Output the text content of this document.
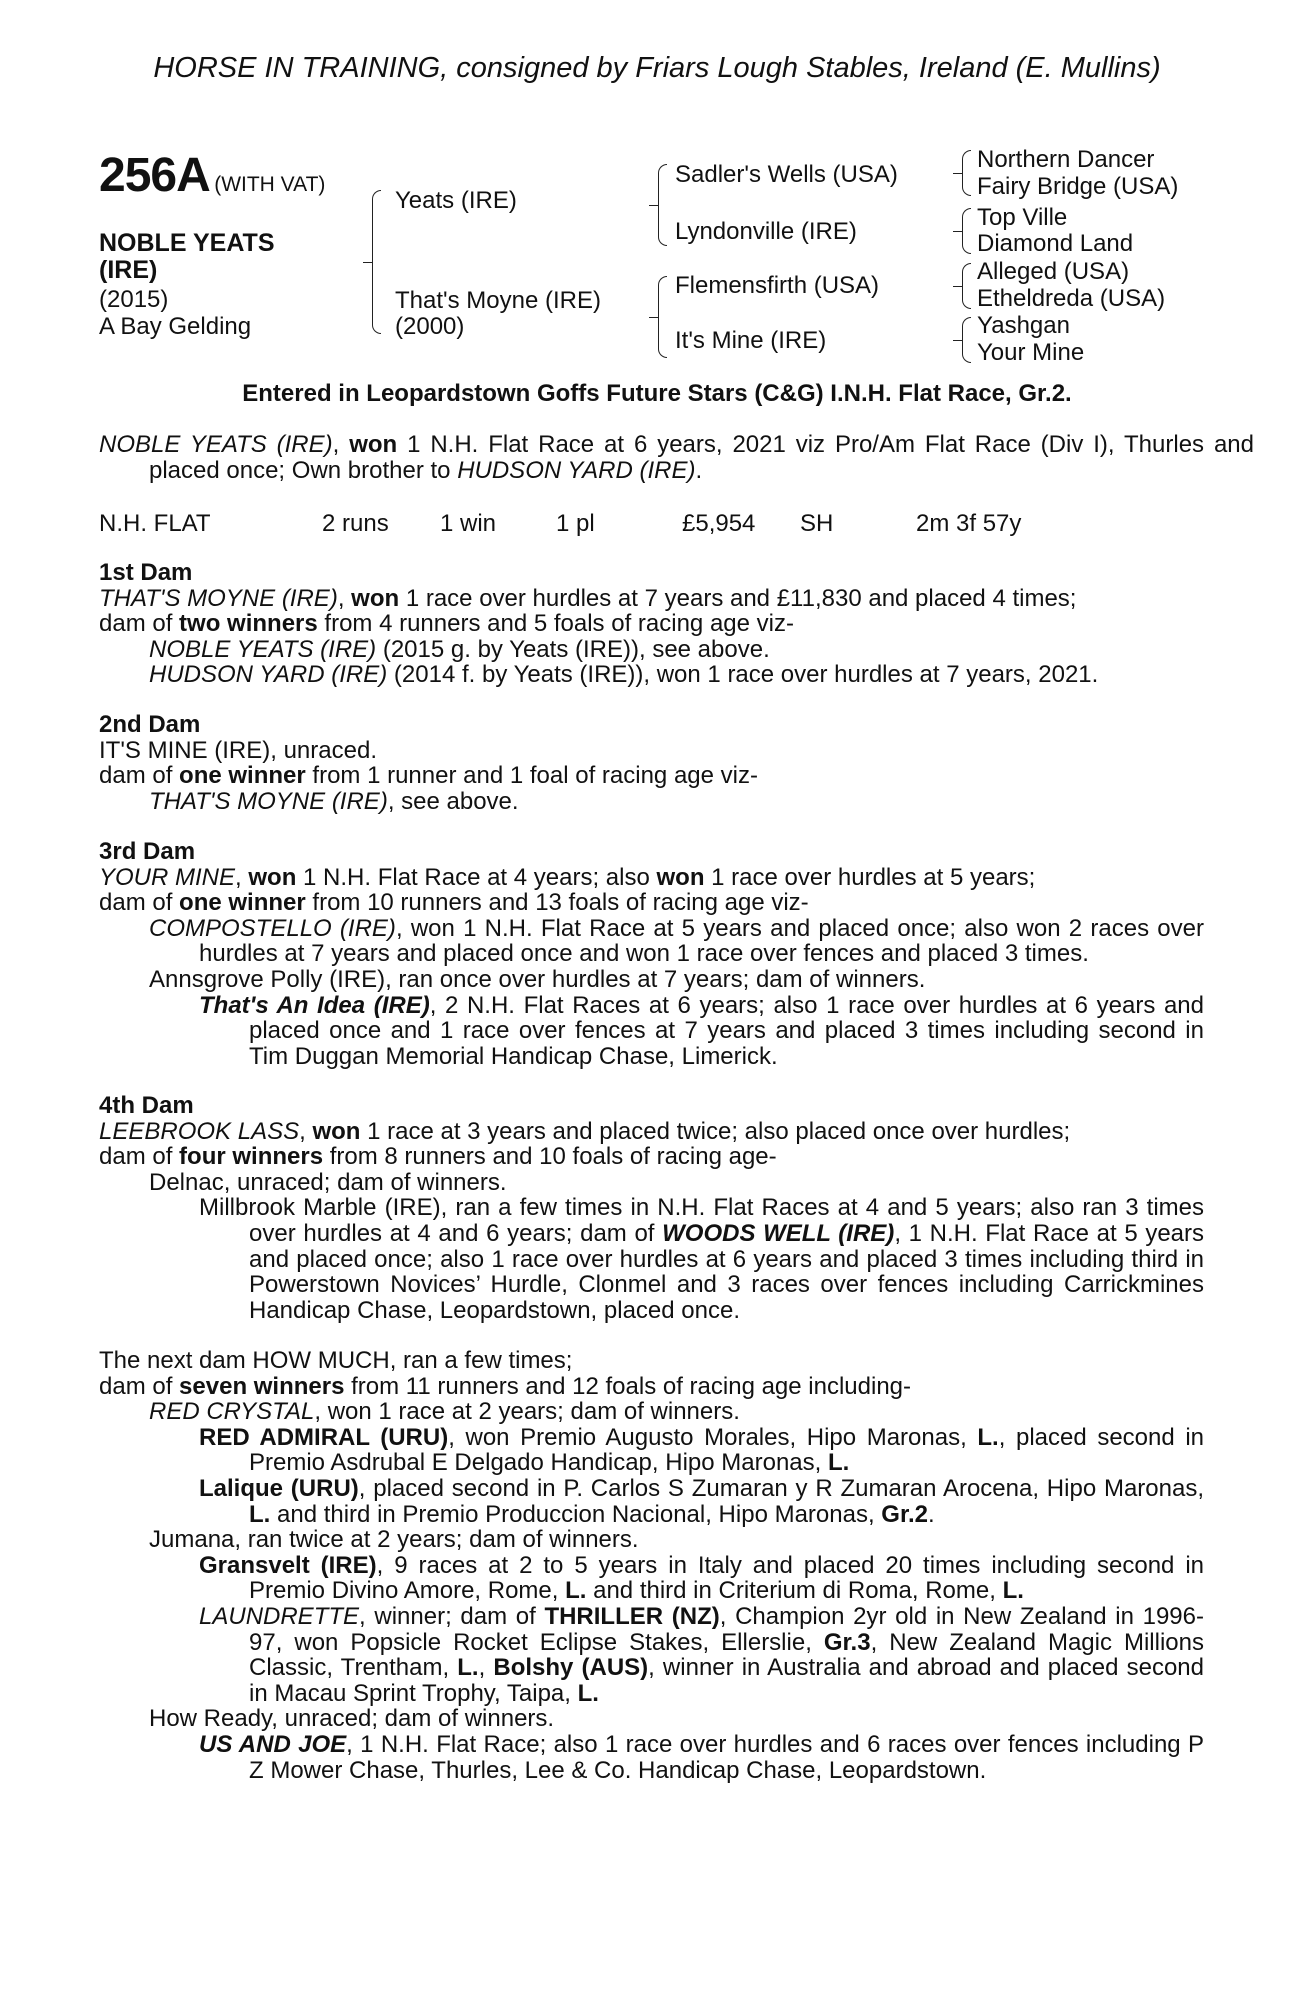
HORSE IN TRAINING, consigned by Friars Lough Stables, Ireland (E. Mullins)
256A (WITH VAT)
NOBLE YEATS
(IRE)
(2015)
A Bay Gelding
Yeats (IRE)
That's Moyne (IRE)
(2000)
Sadler's Wells (USA)
Lyndonville (IRE)
Flemensfirth (USA)
It's Mine (IRE)
Northern Dancer
Fairy Bridge (USA)
Top Ville
Diamond Land
Alleged (USA)
Etheldreda (USA)
Yashgan
Your Mine
Entered in Leopardstown Goffs Future Stars (C&G) I.N.H. Flat Race, Gr.2.
NOBLE YEATS (IRE), won 1 N.H. Flat Race at 6 years, 2021 viz Pro/Am Flat Race (Div I), Thurles and placed once; Own brother to HUDSON YARD (IRE).
N.H. FLAT	2 runs 1 win 1 pl	£5,954 SH	2m 3f 57y

1st Dam

THAT'S MOYNE (IRE), won 1 race over hurdles at 7 years and £11,830 and placed 4 times;

dam of two winners from 4 runners and 5 foals of racing age viz-

NOBLE YEATS (IRE) (2015 g. by Yeats (IRE)), see above.

HUDSON YARD (IRE) (2014 f. by Yeats (IRE)), won 1 race over hurdles at 7 years, 2021.

2nd Dam

IT'S MINE (IRE), unraced.

dam of one winner from 1 runner and 1 foal of racing age viz-

THAT'S MOYNE (IRE), see above.

3rd Dam

YOUR MINE, won 1 N.H. Flat Race at 4 years; also won 1 race over hurdles at 5 years;

dam of one winner from 10 runners and 13 foals of racing age viz-

COMPOSTELLO (IRE), won 1 N.H. Flat Race at 5 years and placed once; also won 2 races over hurdles at 7 years and placed once and won 1 race over fences and placed 3 times.

Annsgrove Polly (IRE), ran once over hurdles at 7 years; dam of winners.

That's An Idea (IRE), 2 N.H. Flat Races at 6 years; also 1 race over hurdles at 6 years and placed once and 1 race over fences at 7 years and placed 3 times including second in Tim Duggan Memorial Handicap Chase, Limerick.

4th Dam

LEEBROOK LASS, won 1 race at 3 years and placed twice; also placed once over hurdles;

dam of four winners from 8 runners and 10 foals of racing age-

Delnac, unraced; dam of winners.

Millbrook Marble (IRE), ran a few times in N.H. Flat Races at 4 and 5 years; also ran 3 times over hurdles at 4 and 6 years; dam of WOODS WELL (IRE), 1 N.H. Flat Race at 5 years and placed once; also 1 race over hurdles at 6 years and placed 3 times including third in Powerstown Novices’ Hurdle, Clonmel and 3 races over fences including Carrickmines Handicap Chase, Leopardstown, placed once.

The next dam HOW MUCH, ran a few times;

dam of seven winners from 11 runners and 12 foals of racing age including-

RED CRYSTAL, won 1 race at 2 years; dam of winners.

RED ADMIRAL (URU), won Premio Augusto Morales, Hipo Maronas, L., placed second in Premio Asdrubal E Delgado Handicap, Hipo Maronas, L.

Lalique (URU), placed second in P. Carlos S Zumaran y R Zumaran Arocena, Hipo Maronas, L. and third in Premio Produccion Nacional, Hipo Maronas, Gr.2.

Jumana, ran twice at 2 years; dam of winners.

Gransvelt (IRE), 9 races at 2 to 5 years in Italy and placed 20 times including second in Premio Divino Amore, Rome, L. and third in Criterium di Roma, Rome, L.

LAUNDRETTE, winner; dam of THRILLER (NZ), Champion 2yr old in New Zealand in 1996-97, won Popsicle Rocket Eclipse Stakes, Ellerslie, Gr.3, New Zealand Magic Millions Classic, Trentham, L., Bolshy (AUS), winner in Australia and abroad and placed second in Macau Sprint Trophy, Taipa, L.

How Ready, unraced; dam of winners.

US AND JOE, 1 N.H. Flat Race; also 1 race over hurdles and 6 races over fences including P Z Mower Chase, Thurles, Lee & Co. Handicap Chase, Leopardstown.
